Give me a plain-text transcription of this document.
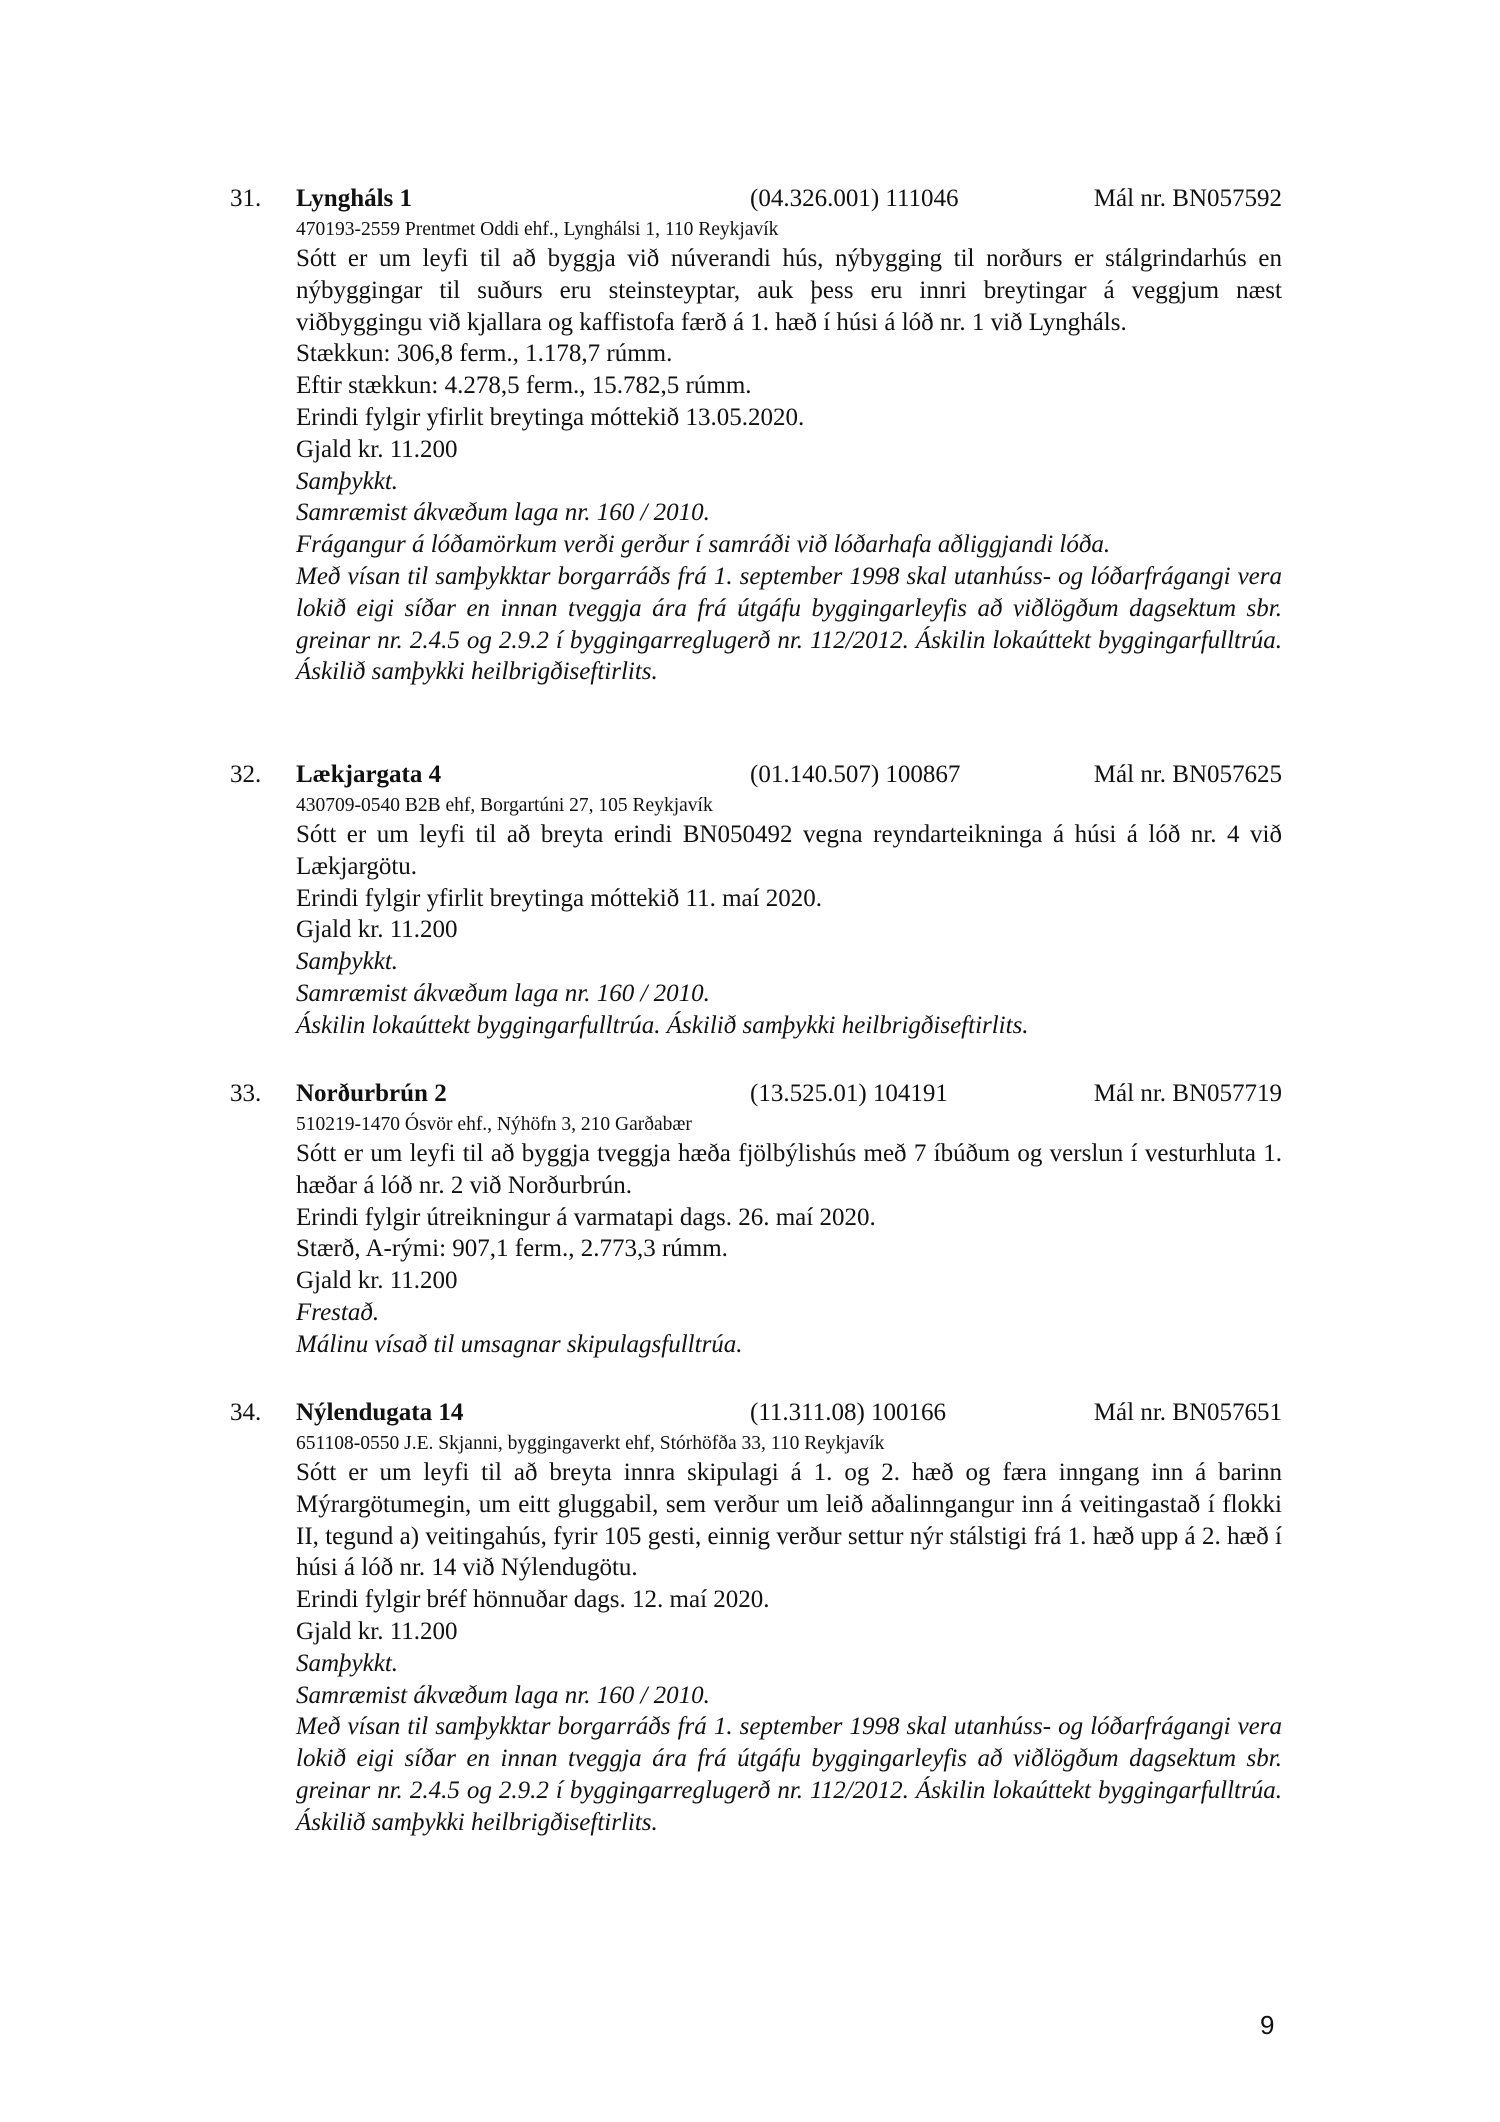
31. Lyngháls 1	(04.326.001) 111046	Mál nr. BN057592
470193-2559 Prentmet Oddi ehf., Lynghálsi 1, 110 Reykjavík
Sótt er um leyfi til að byggja við núverandi hús, nýbygging til norðurs er stálgrindarhús en nýbyggingar til suðurs eru steinsteyptar, auk þess eru innri breytingar á veggjum næst viðbyggingu við kjallara og kaffistofa færð á 1. hæð í húsi á lóð nr. 1 við Lyngháls.
Stækkun: 306,8 ferm., 1.178,7 rúmm.
Eftir stækkun: 4.278,5 ferm., 15.782,5 rúmm.
Erindi fylgir yfirlit breytinga móttekið 13.05.2020.
Gjald kr. 11.200
Samþykkt.
Samræmist ákvæðum laga nr. 160 / 2010.
Frágangur á lóðamörkum verði gerður í samráði við lóðarhafa aðliggjandi lóða.
Með vísan til samþykktar borgarráðs frá 1. september 1998 skal utanhúss- og lóðarfrágangi vera lokið eigi síðar en innan tveggja ára frá útgáfu byggingarleyfis að viðlögðum dagsektum sbr. greinar nr. 2.4.5 og 2.9.2 í byggingarreglugerð nr. 112/2012. Áskilin lokaúttekt byggingarfulltrúa. Áskilið samþykki heilbrigðiseftirlits.
32. Lækjargata 4	(01.140.507) 100867	Mál nr. BN057625
430709-0540 B2B ehf, Borgartúni 27, 105 Reykjavík
Sótt er um leyfi til að breyta erindi BN050492 vegna reyndarteikninga á húsi á lóð nr. 4 við Lækjargötu.
Erindi fylgir yfirlit breytinga móttekið 11. maí 2020.
Gjald kr. 11.200
Samþykkt.
Samræmist ákvæðum laga nr. 160 / 2010.
Áskilin lokaúttekt byggingarfulltrúa. Áskilið samþykki heilbrigðiseftirlits.
33. Norðurbrún 2	(13.525.01) 104191	Mál nr. BN057719
510219-1470 Ósvör ehf., Nýhöfn 3, 210 Garðabær
Sótt er um leyfi til að byggja tveggja hæða fjölbýlishús með 7 íbúðum og verslun í vesturhluta 1. hæðar á lóð nr. 2 við Norðurbrún.
Erindi fylgir útreikningur á varmatapi dags. 26. maí 2020.
Stærð, A-rými: 907,1 ferm., 2.773,3 rúmm.
Gjald kr. 11.200
Frestað.
Málinu vísað til umsagnar skipulagsfulltrúa.
34. Nýlendugata 14	(11.311.08) 100166	Mál nr. BN057651
651108-0550 J.E. Skjanni, byggingaverkt ehf, Stórhöfða 33, 110 Reykjavík
Sótt er um leyfi til að breyta innra skipulagi á 1. og 2. hæð og færa inngang inn á barinn Mýrargötumegin, um eitt gluggabil, sem verður um leið aðalinngangur inn á veitingastað í flokki II, tegund a) veitingahús, fyrir 105 gesti, einnig verður settur nýr stálstigi frá 1. hæð upp á 2. hæð í húsi á lóð nr. 14 við Nýlendugötu.
Erindi fylgir bréf hönnuðar dags. 12. maí 2020.
Gjald kr. 11.200
Samþykkt.
Samræmist ákvæðum laga nr. 160 / 2010.
Með vísan til samþykktar borgarráðs frá 1. september 1998 skal utanhúss- og lóðarfrágangi vera lokið eigi síðar en innan tveggja ára frá útgáfu byggingarleyfis að viðlögðum dagsektum sbr. greinar nr. 2.4.5 og 2.9.2 í byggingarreglugerð nr. 112/2012. Áskilin lokaúttekt byggingarfulltrúa. Áskilið samþykki heilbrigðiseftirlits.
9
